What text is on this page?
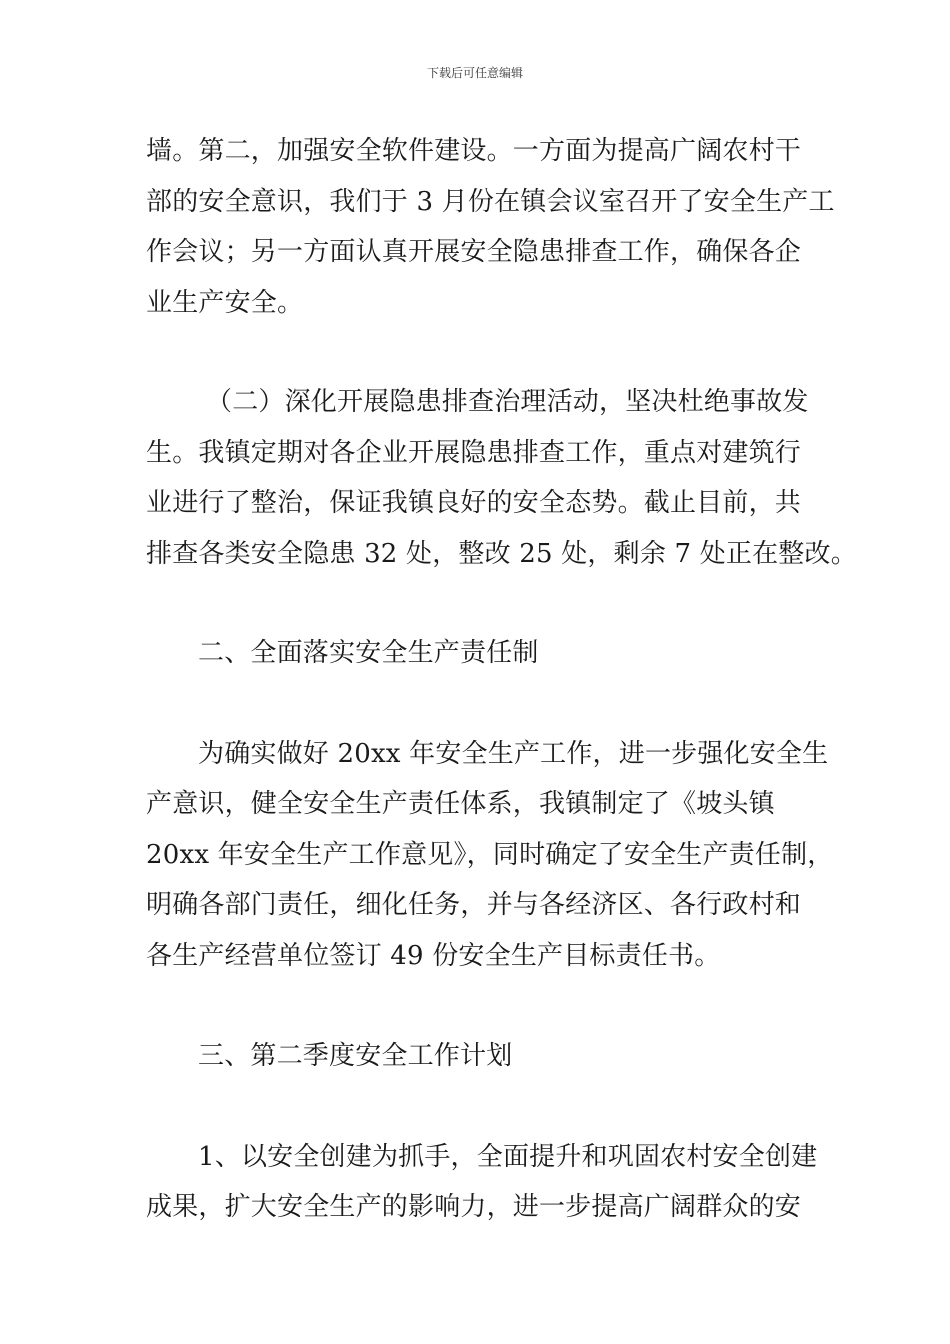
下载后可任意编辑
墙。第二，加强安全软件建设。一方面为提高广阔农村干
部的安全意识，我们于 3 月份在镇会议室召开了安全生产工
作会议；另一方面认真开展安全隐患排查工作，确保各企
业生产安全。
（二）深化开展隐患排查治理活动，坚决杜绝事故发
生。我镇定期对各企业开展隐患排查工作，重点对建筑行
业进行了整治，保证我镇良好的安全态势。截止目前，共
排查各类安全隐患 32 处，整改 25 处，剩余 7 处正在整改。
二、全面落实安全生产责任制
为确实做好 20xx 年安全生产工作，进一步强化安全生
产意识，健全安全生产责任体系，我镇制定了《坡头镇
20xx 年安全生产工作意见》，同时确定了安全生产责任制，
明确各部门责任，细化任务，并与各经济区、各行政村和
各生产经营单位签订 49 份安全生产目标责任书。
三、第二季度安全工作计划
1、以安全创建为抓手，全面提升和巩固农村安全创建
成果，扩大安全生产的影响力，进一步提高广阔群众的安
